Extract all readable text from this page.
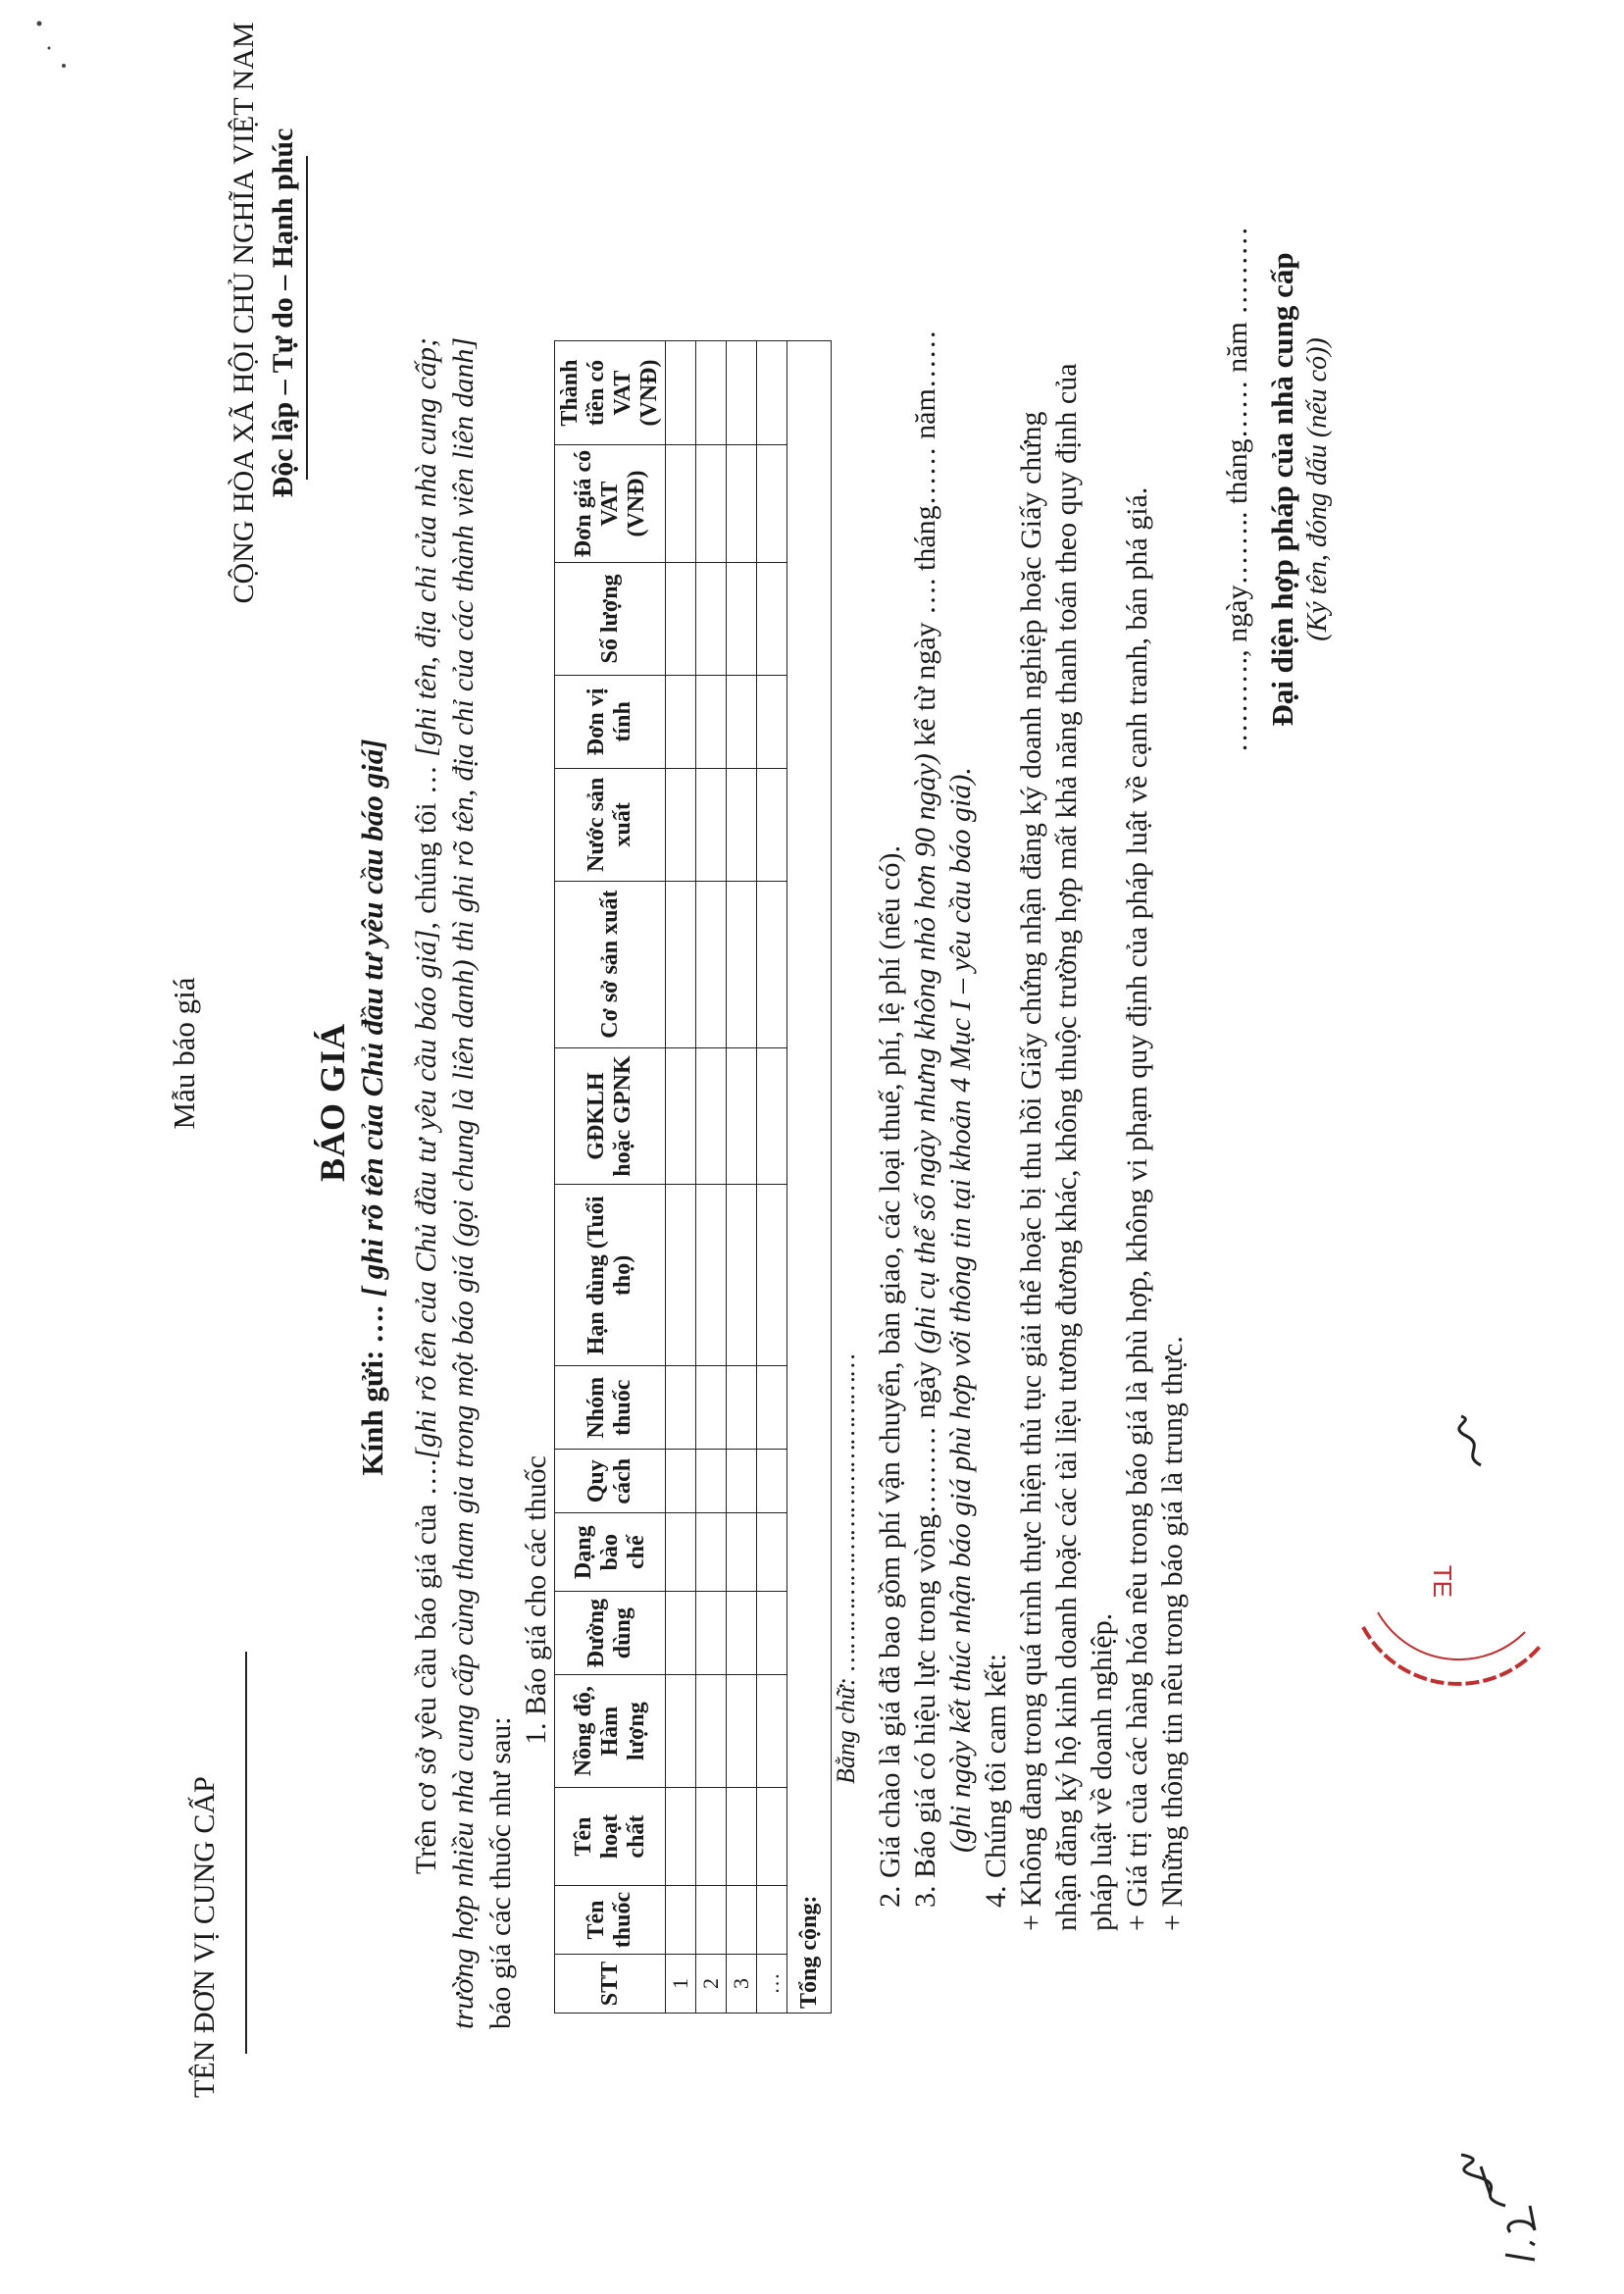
Mẫu báo giá
TÊN ĐƠN VỊ CUNG CẤP
CỘNG HÒA XÃ HỘI CHỦ NGHĨA VIỆT NAM Độc lập – Tự do – Hạnh phúc
BÁO GIÁ
Kính gửi: …. [ ghi rõ tên của Chủ đầu tư yêu cầu báo giá]
Trên cơ sở yêu cầu báo giá của ….[ghi rõ tên của Chủ đầu tư yêu cầu báo giá], chúng tôi … [ghi tên, địa chỉ của nhà cung cấp; trường hợp nhiều nhà cung cấp cùng tham gia trong một báo giá (gọi chung là liên danh) thì ghi rõ tên, địa chỉ của các thành viên liên danh] báo giá các thuốc như sau:
1. Báo giá cho các thuốc
STT	Tên thuốc	Tên hoạt chất	Nồng độ, Hàm lượng	Đường dùng	Dạng bào chế	Quy cách	Nhóm thuốc	Hạn dùng (Tuổi thọ)	GĐKLH hoặc GPNK	Cơ sở sản xuất	Nước sản xuất	Đơn vị tính	Số lượng	Đơn giá có VAT (VNĐ)	Thành tiền có VAT (VNĐ)
1															
2															
3															
…															
Tổng cộng:															
Bằng chữ: …………………………………… 2. Giá chào là giá đã bao gồm phí vận chuyển, bàn giao, các loại thuế, phí, lệ phí (nếu có). 3. Báo giá có hiệu lực trong vòng……… ngày (ghi cụ thể số ngày nhưng không nhỏ hơn 90 ngày) kể từ ngày …. tháng…… năm……
(ghi ngày kết thúc nhận báo giá phù hợp với thông tin tại khoản 4 Mục I – yêu cầu báo giá). 4. Chúng tôi cam kết: + Không đang trong quá trình thực hiện thủ tục giải thể hoặc bị thu hồi Giấy chứng nhận đăng ký doanh nghiệp hoặc Giấy chứng nhận đăng ký hộ kinh doanh hoặc các tài liệu tương đương khác, không thuộc trường hợp mất khả năng thanh toán theo quy định của pháp luật về doanh nghiệp. + Giá trị của các hàng hóa nêu trong báo giá là phù hợp, không vi phạm quy định của pháp luật về cạnh tranh, bán phá giá. + Những thông tin nêu trong báo giá là trung thực.
………., ngày…….. tháng…… năm ……… Đại diện hợp pháp của nhà cung cấp (Ký tên, đóng dấu (nếu có))
TE
